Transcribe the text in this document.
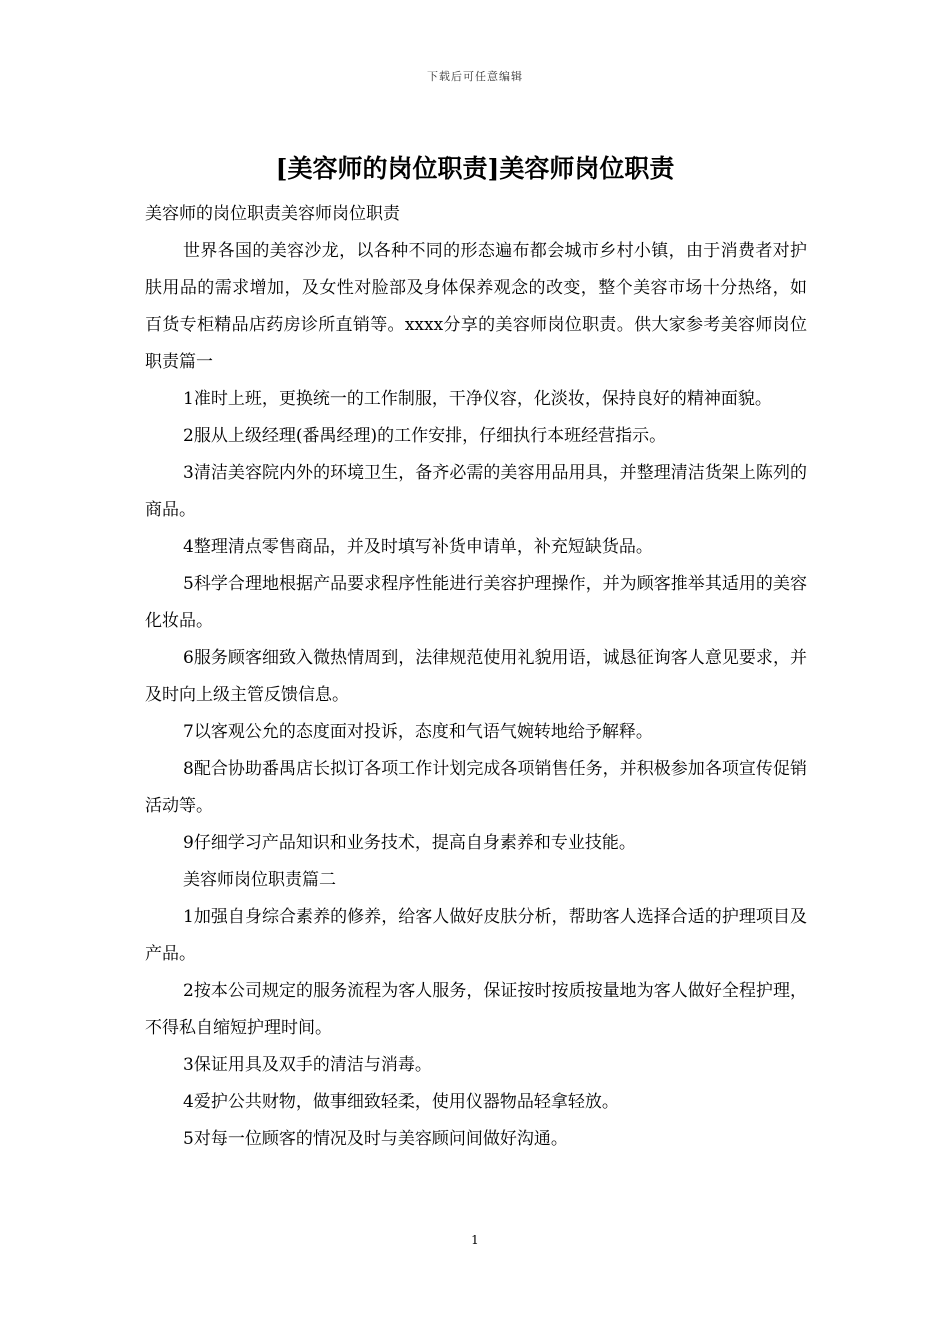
下载后可任意编辑
[美容师的岗位职责]美容师岗位职责

美容师的岗位职责美容师岗位职责

世界各国的美容沙龙，以各种不同的形态遍布都会城市乡村小镇，由于消费者对护肤用品的需求增加，及女性对脸部及身体保养观念的改变，整个美容市场十分热络，如百货专柜精品店药房诊所直销等。xxxx分享的美容师岗位职责。供大家参考美容师岗位职责篇一

1准时上班，更换统一的工作制服，干净仪容，化淡妆，保持良好的精神面貌。

2服从上级经理(番禺经理)的工作安排，仔细执行本班经营指示。

3清洁美容院内外的环境卫生，备齐必需的美容用品用具，并整理清洁货架上陈列的商品。

4整理清点零售商品，并及时填写补货申请单，补充短缺货品。

5科学合理地根据产品要求程序性能进行美容护理操作，并为顾客推举其适用的美容化妆品。

6服务顾客细致入微热情周到，法律规范使用礼貌用语，诚恳征询客人意见要求，并及时向上级主管反馈信息。

7以客观公允的态度面对投诉，态度和气语气婉转地给予解释。

8配合协助番禺店长拟订各项工作计划完成各项销售任务，并积极参加各项宣传促销活动等。

9仔细学习产品知识和业务技术，提高自身素养和专业技能。

美容师岗位职责篇二

1加强自身综合素养的修养，给客人做好皮肤分析，帮助客人选择合适的护理项目及产品。

2按本公司规定的服务流程为客人服务，保证按时按质按量地为客人做好全程护理，不得私自缩短护理时间。

3保证用具及双手的清洁与消毒。

4爱护公共财物，做事细致轻柔，使用仪器物品轻拿轻放。

5对每一位顾客的情况及时与美容顾问间做好沟通。

1
